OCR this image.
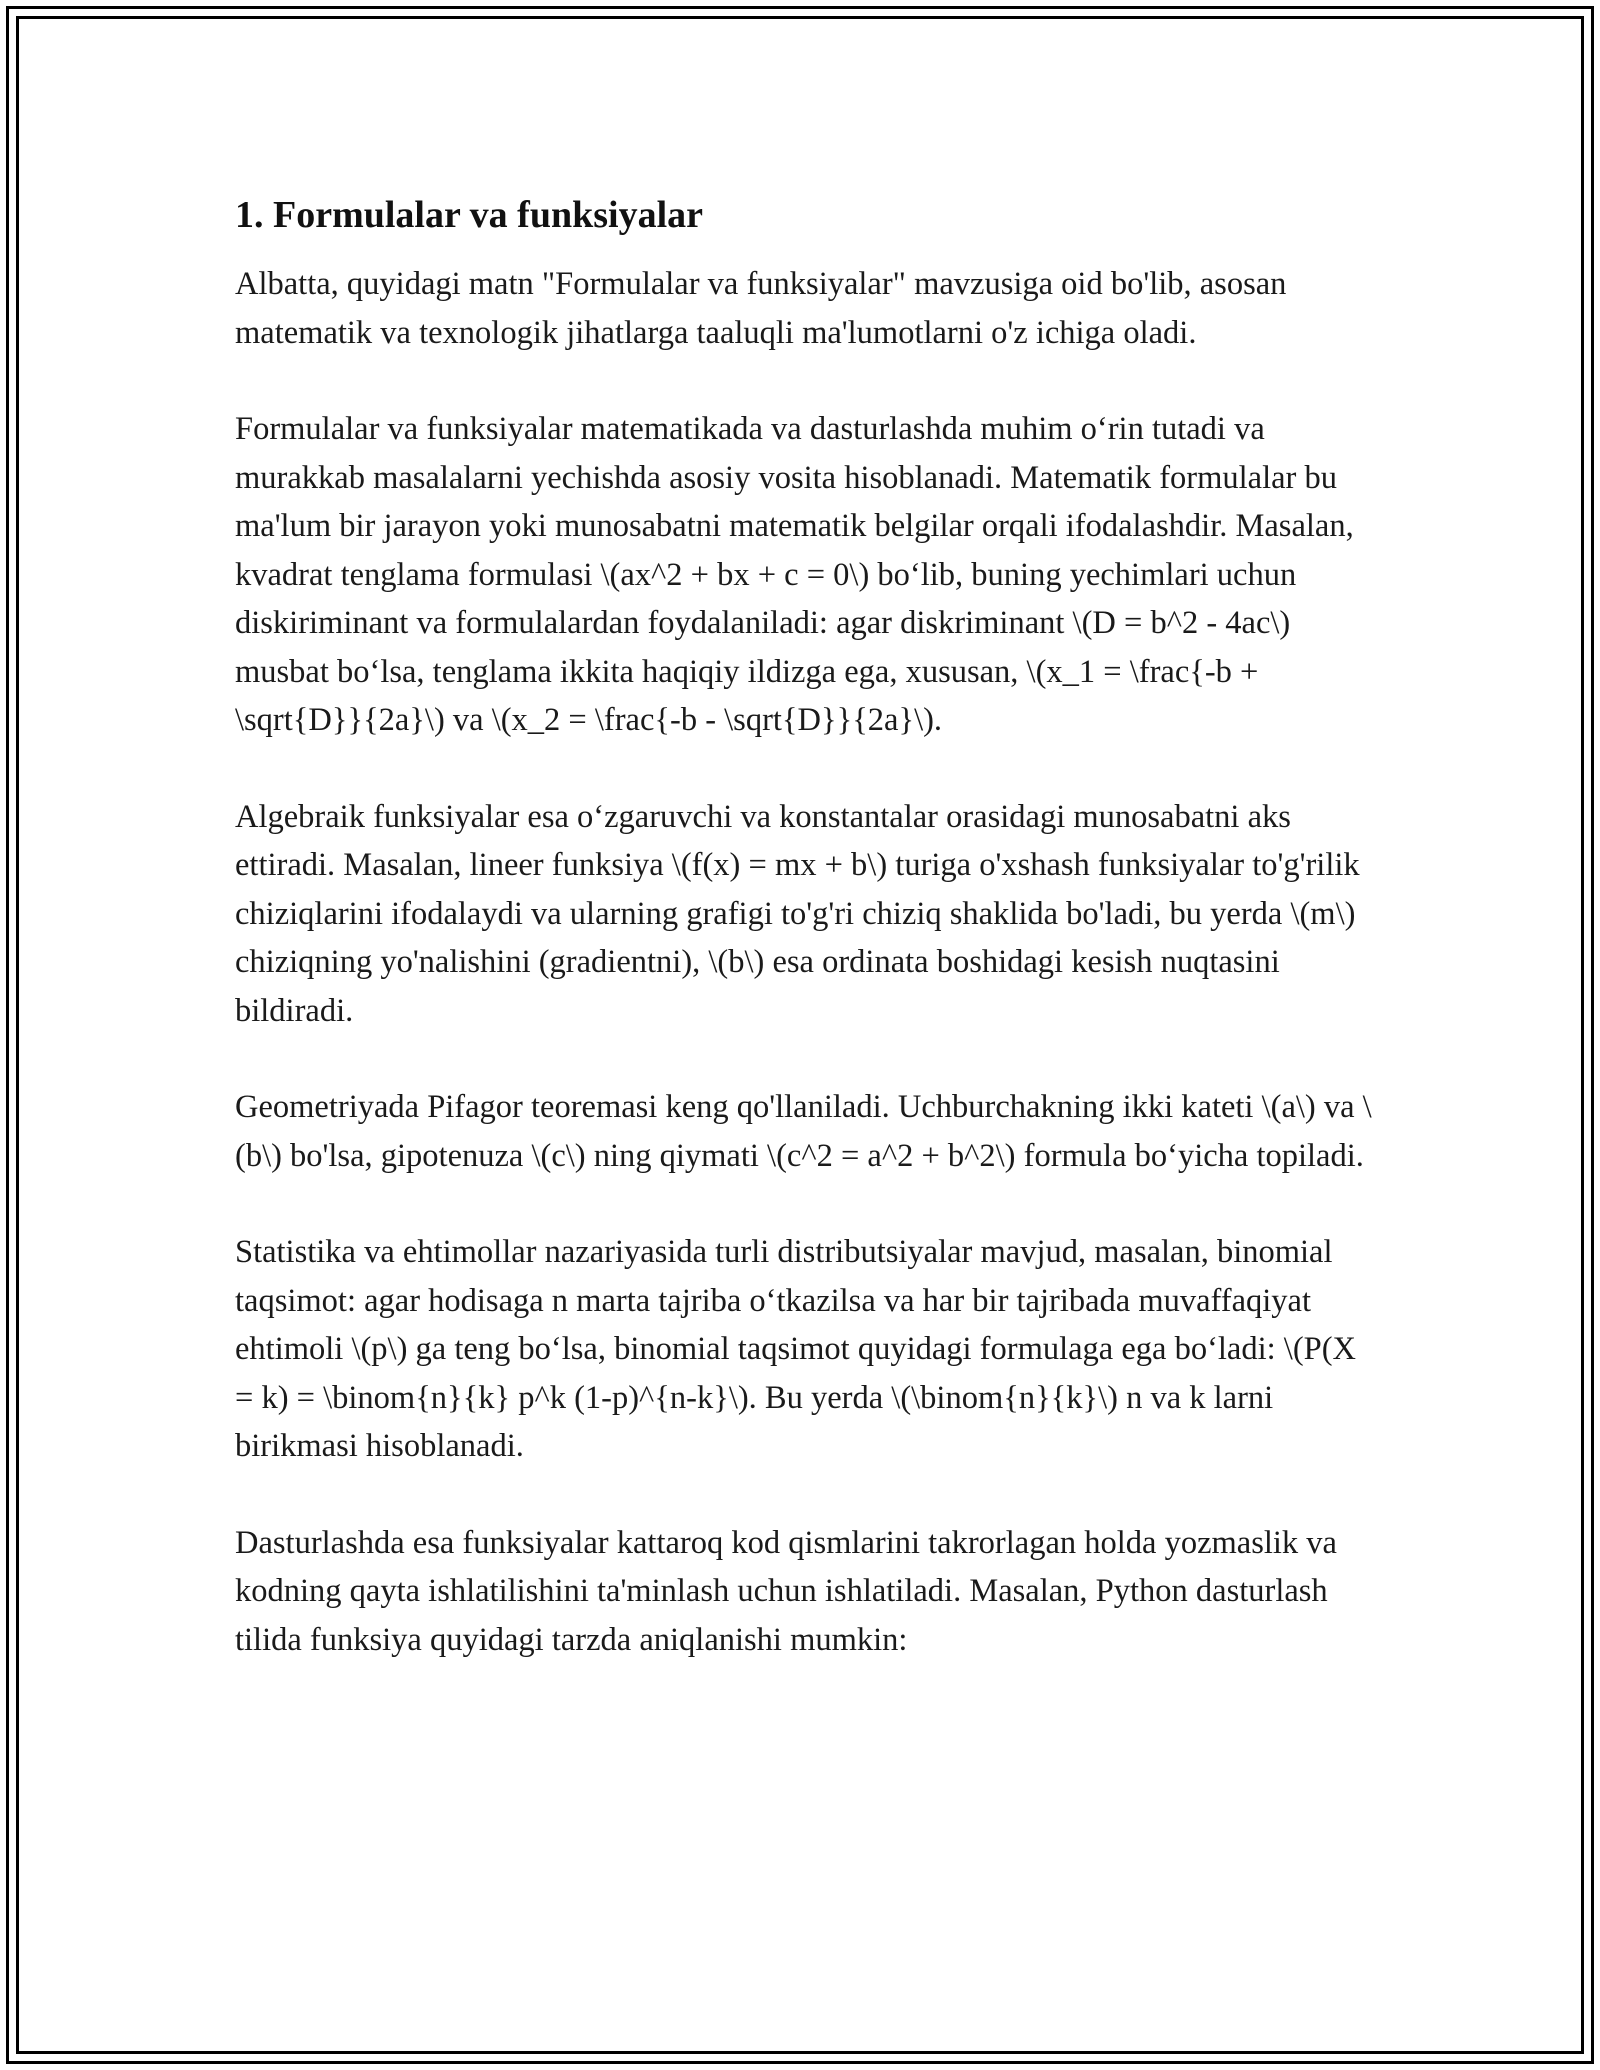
1. Formulalar va funksiyalar

Albatta, quyidagi matn "Formulalar va funksiyalar" mavzusiga oid bo'lib, asosan matematik va texnologik jihatlarga taaluqli ma'lumotlarni o'z ichiga oladi.

Formulalar va funksiyalar matematikada va dasturlashda muhim oʻrin tutadi va murakkab masalalarni yechishda asosiy vosita hisoblanadi. Matematik formulalar bu ma'lum bir jarayon yoki munosabatni matematik belgilar orqali ifodalashdir. Masalan, kvadrat tenglama formulasi \(ax^2 + bx + c = 0\) boʻlib, buning yechimlari uchun diskiriminant va formulalardan foydalaniladi: agar diskriminant \(D = b^2 - 4ac\) musbat boʻlsa, tenglama ikkita haqiqiy ildizga ega, xususan, \(x_1 = \frac{-b + \sqrt{D}}{2a}\) va \(x_2 = \frac{-b - \sqrt{D}}{2a}\).

Algebraik funksiyalar esa oʻzgaruvchi va konstantalar orasidagi munosabatni aks ettiradi. Masalan, lineer funksiya \(f(x) = mx + b\) turiga o'xshash funksiyalar to'g'rilik chiziqlarini ifodalaydi va ularning grafigi to'g'ri chiziq shaklida bo'ladi, bu yerda \(m\) chiziqning yo'nalishini (gradientni), \(b\) esa ordinata boshidagi kesish nuqtasini bildiradi.

Geometriyada Pifagor teoremasi keng qo'llaniladi. Uchburchakning ikki kateti \(a\) va \(b\) bo'lsa, gipotenuza \(c\) ning qiymati \(c^2 = a^2 + b^2\) formula boʻyicha topiladi.

Statistika va ehtimollar nazariyasida turli distributsiyalar mavjud, masalan, binomial taqsimot: agar hodisaga n marta tajriba oʻtkazilsa va har bir tajribada muvaffaqiyat ehtimoli \(p\) ga teng boʻlsa, binomial taqsimot quyidagi formulaga ega boʻladi: \(P(X = k) = \binom{n}{k} p^k (1-p)^{n-k}\). Bu yerda \(\binom{n}{k}\) n va k larni birikmasi hisoblanadi.

Dasturlashda esa funksiyalar kattaroq kod qismlarini takrorlagan holda yozmaslik va kodning qayta ishlatilishini ta'minlash uchun ishlatiladi. Masalan, Python dasturlash tilida funksiya quyidagi tarzda aniqlanishi mumkin:
